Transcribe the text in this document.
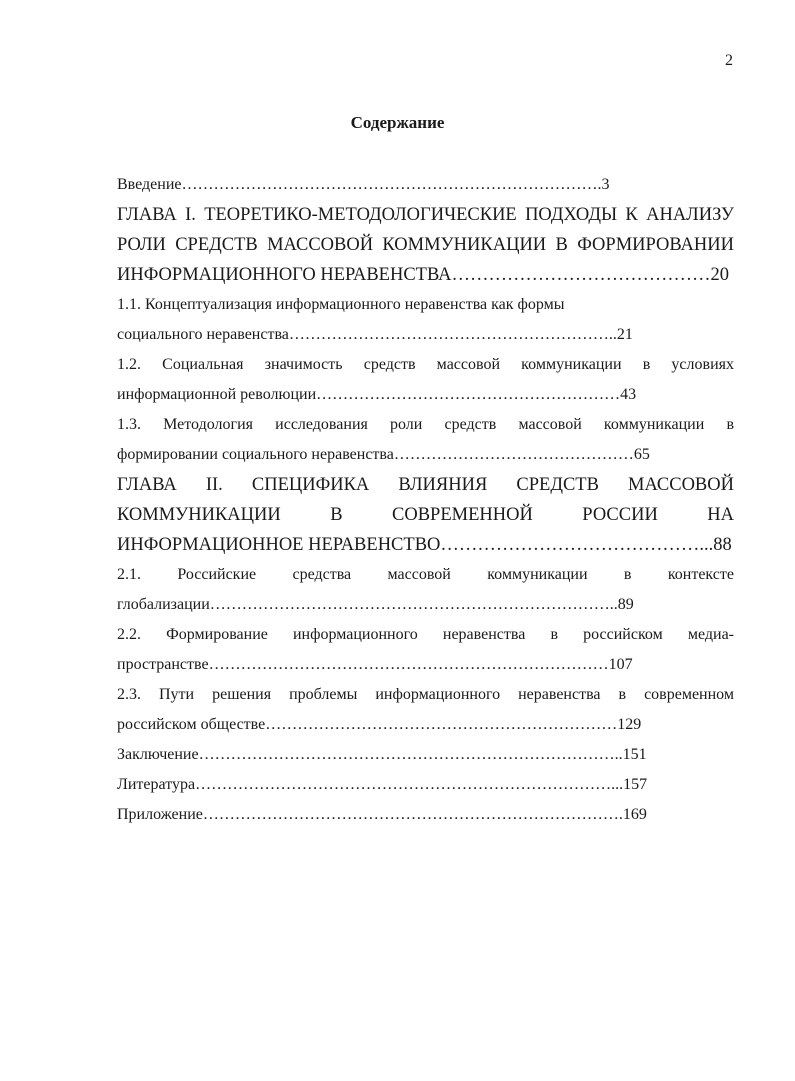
2
Содержание
Введение…………………………………………………………………….3
ГЛАВА I. ТЕОРЕТИКО-МЕТОДОЛОГИЧЕСКИЕ ПОДХОДЫ К АНАЛИЗУ
РОЛИ СРЕДСТВ МАССОВОЙ КОММУНИКАЦИИ В ФОРМИРОВАНИИ
ИНФОРМАЦИОННОГО НЕРАВЕНСТВА……………………………………20
1.1. Концептуализация информационного неравенства как формы
социального неравенства……………………………………………………..21
1.2. Социальная значимость средств массовой коммуникации в условиях
информационной революции…………………………………………………43
1.3. Методология исследования роли средств массовой коммуникации в
формировании социального неравенства………………………………………65
ГЛАВА II. СПЕЦИФИКА ВЛИЯНИЯ СРЕДСТВ МАССОВОЙ
КОММУНИКАЦИИ В СОВРЕМЕННОЙ РОССИИ НА
ИНФОРМАЦИОННОЕ НЕРАВЕНСТВО……………………………………...88
2.1. Российские средства массовой коммуникации в контексте
глобализации…………………………………………………………………..89
2.2. Формирование информационного неравенства в российском медиа-
пространстве…………………………………………………………………107
2.3. Пути решения проблемы информационного неравенства в современном
российском обществе…………………………………………………………129
Заключение……………………………………………………………………..151
Литература……………………………………………………………………...157
Приложение…………………………………………………………………….169
